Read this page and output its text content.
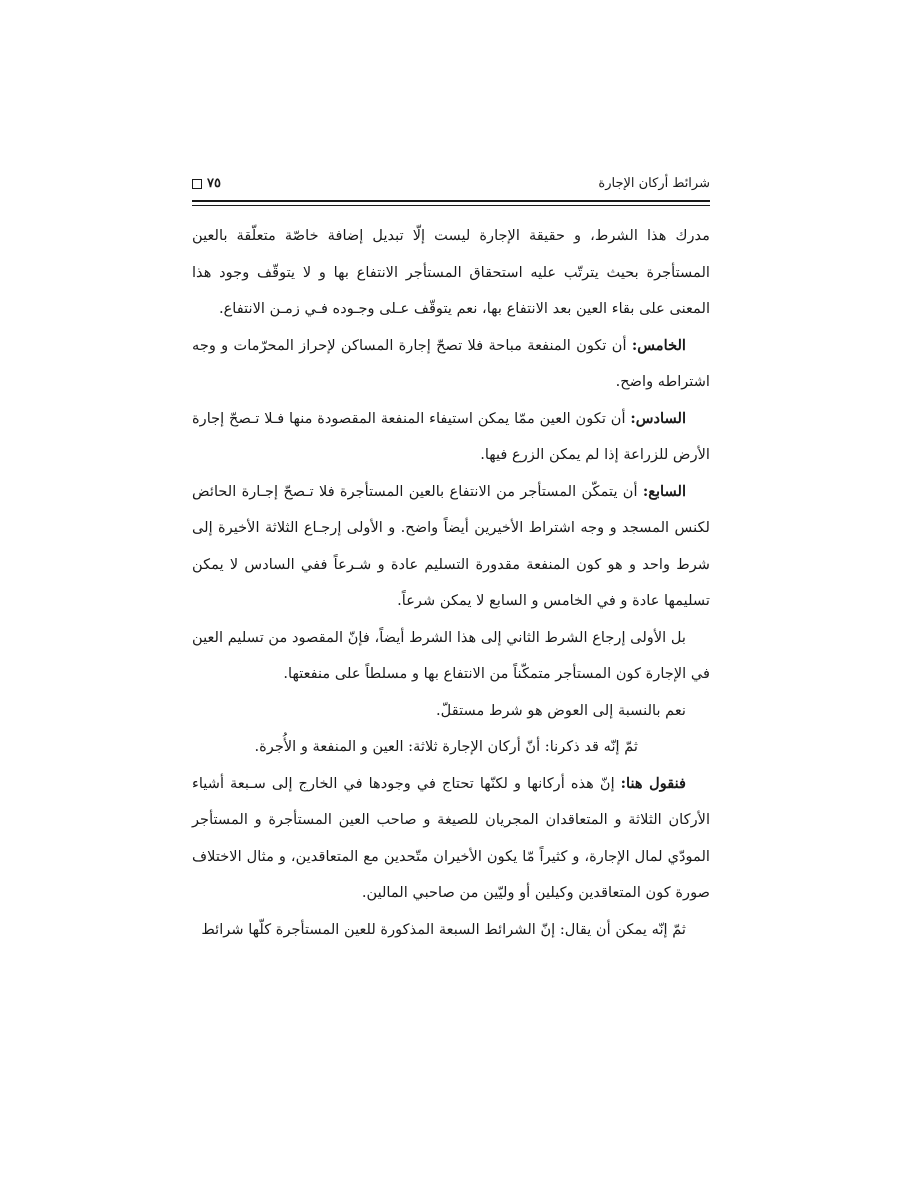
شرائط أركان الإجارة
٧٥

مدرك هذا الشرط، و حقيقة الإجارة ليست إلّا تبديل إضافة خاصّة متعلّقة بالعين المستأجرة بحيث يترتّب عليه استحقاق المستأجر الانتفاع بها و لا يتوقّف وجود هذا المعنى على بقاء العين بعد الانتفاع بها، نعم يتوقّف عـلى وجـوده فـي زمـن الانتفاع.

الخامس: أن تكون المنفعة مباحة فلا تصحّ إجارة المساكن لإحراز المحرّمات و وجه اشتراطه واضح.

السادس: أن تكون العين ممّا يمكن استيفاء المنفعة المقصودة منها فـلا تـصحّ إجارة الأرض للزراعة إذا لم يمكن الزرع فيها.

السابع: أن يتمكّن المستأجر من الانتفاع بالعين المستأجرة فلا تـصحّ إجـارة الحائض لكنس المسجد و وجه اشتراط الأخيرين أيضاً واضح. و الأولى إرجـاع الثلاثة الأخيرة إلى شرط واحد و هو كون المنفعة مقدورة التسليم عادة و شـرعاً ففي السادس لا يمكن تسليمها عادة و في الخامس و السابع لا يمكن شرعاً.

بل الأولى إرجاع الشرط الثاني إلى هذا الشرط أيضاً، فإنّ المقصود من تسليم العين في الإجارة كون المستأجر متمكّناً من الانتفاع بها و مسلطاً على منفعتها.

نعم بالنسبة إلى العوض هو شرط مستقلّ.

ثمّ إنّه قد ذكرنا: أنّ أركان الإجارة ثلاثة: العين و المنفعة و الأُجرة.

فنقول هنا: إنّ هذه أركانها و لكنّها تحتاج في وجودها في الخارج إلى سـبعة أشياء الأركان الثلاثة و المتعاقدان المجريان للصيغة و صاحب العين المستأجرة و المستأجر المودّي لمال الإجارة، و كثيراً مّا يكون الأخيران متّحدين مع المتعاقدين، و مثال الاختلاف صورة كون المتعاقدين وكيلين أو وليّين من صاحبي المالين.

ثمّ إنّه يمكن أن يقال: إنّ الشرائط السبعة المذكورة للعين المستأجرة كلّها شرائط
